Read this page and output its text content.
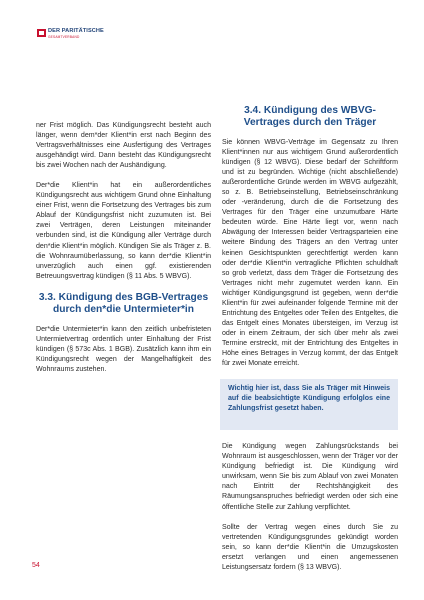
DER PARITÄTISCHE
GESAMTVERBAND

ner Frist möglich. Das Kündigungsrecht besteht auch länger, wenn dem*der Klient*in erst nach Beginn des Vertragsverhältnisses eine Ausfertigung des Vertrages ausgehändigt wird. Dann besteht das Kündigungsrecht bis zwei Wochen nach der Aushändigung.

Der*die Klient*in hat ein außerordentliches Kündigungsrecht aus wichtigem Grund ohne Einhaltung einer Frist, wenn die Fortsetzung des Vertrages bis zum Ablauf der Kündigungsfrist nicht zuzumuten ist. Bei zwei Verträgen, deren Leistungen miteinander verbunden sind, ist die Kündigung aller Verträge durch den*die Klient*in möglich. Kündigen Sie als Träger z. B. die Wohnraumüberlassung, so kann der*die Klient*in unverzüglich auch einen ggf. existierenden Betreuungsvertrag kündigen (§ 11 Abs. 5 WBVG).

3.3. Kündigung des BGB-Vertrages durch den*die Untermieter*in

Der*die Untermieter*in kann den zeitlich unbefristeten Untermietvertrag ordentlich unter Einhaltung der Frist kündigen (§ 573c Abs. 1 BGB). Zusätzlich kann ihm ein Kündigungsrecht wegen der Mangelhaftigkeit des Wohnraums zustehen.

3.4. Kündigung des WBVG-Vertrages durch den Träger

Sie können WBVG-Verträge im Gegensatz zu Ihren Klient*innen nur aus wichtigem Grund außerordentlich kündigen (§ 12 WBVG). Diese bedarf der Schriftform und ist zu begründen. Wichtige (nicht abschließende) außerordentliche Gründe werden im WBVG aufgezählt, so z. B. Betriebseinstellung, Betriebseinschränkung oder -veränderung, durch die die Fortsetzung des Vertrages für den Träger eine unzumutbare Härte bedeuten würde. Eine Härte liegt vor, wenn nach Abwägung der Interessen beider Vertragsparteien eine weitere Bindung des Trägers an den Vertrag unter keinen Gesichtspunkten gerechtfertigt werden kann oder der*die Klient*in vertragliche Pflichten schuldhaft so grob verletzt, dass dem Träger die Fortsetzung des Vertrages nicht mehr zugemutet werden kann. Ein wichtiger Kündigungsgrund ist gegeben, wenn der*die Klient*in für zwei aufeinander folgende Termine mit der Entrichtung des Entgeltes oder Teilen des Entgeltes, die das Entgelt eines Monates übersteigen, im Verzug ist oder in einem Zeitraum, der sich über mehr als zwei Termine erstreckt, mit der Entrichtung des Entgeltes in Höhe eines Betrages in Verzug kommt, der das Entgelt für zwei Monate erreicht.

Wichtig hier ist, dass Sie als Träger mit Hinweis auf die beabsichtigte Kündigung erfolglos eine Zahlungsfrist gesetzt haben.

Die Kündigung wegen Zahlungsrückstands bei Wohnraum ist ausgeschlossen, wenn der Träger vor der Kündigung befriedigt ist. Die Kündigung wird unwirksam, wenn Sie bis zum Ablauf von zwei Monaten nach Eintritt der Rechtshängigkeit des Räumungsanspruches befriedigt werden oder sich eine öffentliche Stelle zur Zahlung verpflichtet.

Sollte der Vertrag wegen eines durch Sie zu vertretenden Kündigungsgrundes gekündigt worden sein, so kann der*die Klient*in die Umzugskosten ersetzt verlangen und einen angemessenen Leistungsersatz fordern (§ 13 WBVG).

54
